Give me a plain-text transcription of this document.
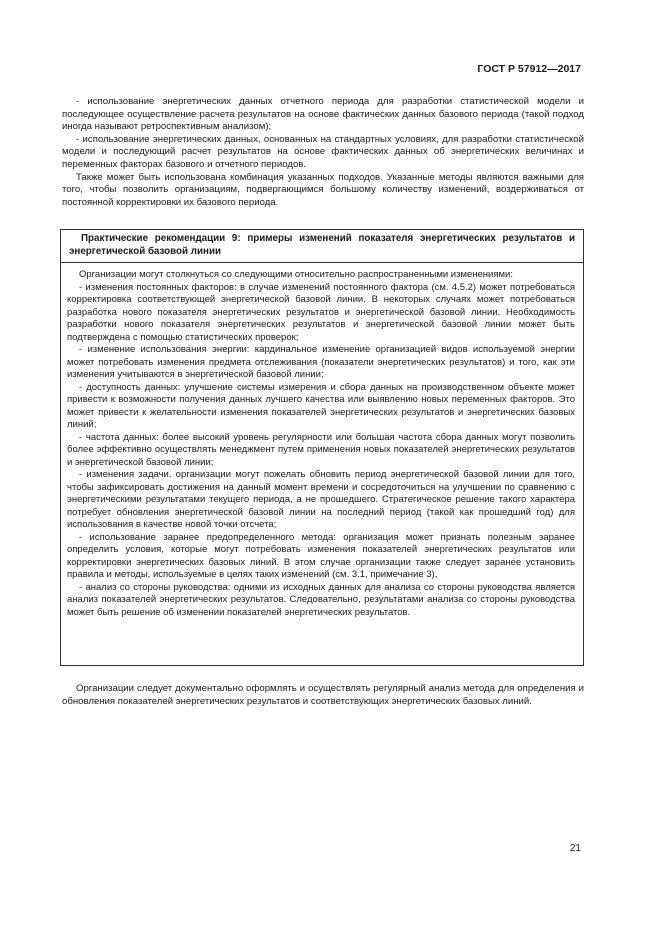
ГОСТ Р 57912—2017

- использование энергетических данных отчетного периода для разработки статистической модели и последующее осуществление расчета результатов на основе фактических данных базового периода (такой подход иногда называют ретроспективным анализом);

- использование энергетических данных, основанных на стандартных условиях, для разработки статистической модели и последующий расчет результатов на основе фактических данных об энергетических величинах и переменных факторах базового и отчетного периодов.

Также может быть использована комбинация указанных подходов. Указанные методы являются важными для того, чтобы позволить организациям, подвергающимся большому количеству изменений, воздерживаться от постоянной корректировки их базового периода.

Практические рекомендации 9: примеры изменений показателя энергетических результатов и энергетической базовой линии

Организации могут столкнуться со следующими относительно распространенными изменениями:

- изменения постоянных факторов: в случае изменений постоянного фактора (см. 4.5.2) может потребоваться корректировка соответствующей энергетической базовой линии. В некоторых случаях может потребоваться разработка нового показателя энергетических результатов и энергетической базовой линии. Необходимость разработки нового показателя энергетических результатов и энергетической базовой линии может быть подтверждена с помощью статистических проверок;

- изменение использования энергии: кардинальное изменение организацией видов используемой энергии может потребовать изменения предмета отслеживания (показатели энергетических результатов) и того, как эти изменения учитываются в энергетической базовой линии;

- доступность данных: улучшение системы измерения и сбора данных на производственном объекте может привести к возможности получения данных лучшего качества или выявлению новых переменных факторов. Это может привести к желательности изменения показателей энергетических результатов и энергетических базовых линий;

- частота данных: более высокий уровень регулярности или большая частота сбора данных могут позволить более эффективно осуществлять менеджмент путем применения новых показателей энергетических результатов и энергетической базовой линии;

- изменения задачи. организации могут пожелать обновить период энергетической базовой линии для того, чтобы зафиксировать достижения на данный момент времени и сосредоточиться на улучшении по сравнению с энергетическими результатами текущего периода, а не прошедшего. Стратегическое решение такого характера потребует обновления энергетической базовой линии на последний период (такой как прошедший год) для использования в качестве новой точки отсчета;

- использование заранее предопределенного метода: организация может признать полезным заранее определить условия, которые могут потребовать изменения показателей энергетических результатов или корректировки энергетических базовых линий. В этом случае организации также следует заранее установить правила и методы, используемые в целях таких изменений (см. 3.1, примечание 3),

- анализ со стороны руководства: одними из исходных данных для анализа со стороны руководства является анализ показателей энергетических результатов. Следовательно, результатами анализа со стороны руководства может быть решение об изменении показателей энергетических результатов.

Организации следует документально оформлять и осуществлять регулярный анализ метода для определения и обновления показателей энергетических результатов и соответствующих энергетических базовых линий.

21
